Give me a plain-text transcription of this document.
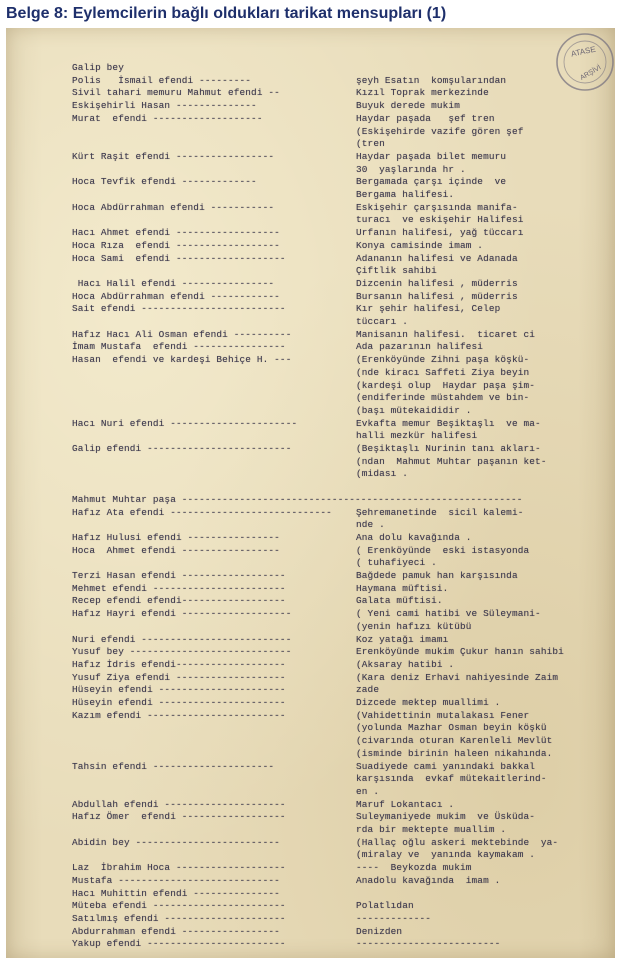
Belge 8: Eylemcilerin bağlı oldukları tarikat mensupları (1)
ATASE
ARŞİVİ
Galip bey
Polis   İsmail efendi ---------	şeyh Esatın  komşularından
Sivil tahari memuru Mahmut efendi --	Kızıl Toprak merkezinde
Eskişehirli Hasan --------------	Buyuk derede mukim
Murat  efendi -------------------	Haydar paşada   şef tren
(Eskişehirde vazife gören şef
(tren
Kürt Raşit efendi -----------------	Haydar paşada bilet memuru
30  yaşlarında hr .
Hoca Tevfik efendi -------------	Bergamada çarşı içinde  ve
Bergama halifesi.
Hoca Abdürrahman efendi -----------	Eskişehir çarşısında manifa-
turacı  ve eskişehir Halifesi
Hacı Ahmet efendi ------------------	Urfanın halifesi, yağ tüccarı
Hoca Rıza  efendi ------------------	Konya camisinde imam .
Hoca Sami  efendi -------------------	Adananın halifesi ve Adanada
Çiftlik sahibi
Hacı Halil efendi ----------------	Dizcenin halifesi , müderris
Hoca Abdürrahman efendi ------------	Bursanın halifesi , müderris
Sait efendi -------------------------	Kır şehir halifesi, Celep
tüccarı .
Hafız Hacı Ali Osman efendi ----------	Manisanın halifesi.  ticaret ci
İmam Mustafa  efendi ----------------	Ada pazarının halifesi
Hasan  efendi ve kardeşi Behiçe H. ---	(Erenköyünde Zihni paşa köşkü-
(nde kiracı Saffeti Ziya beyin
(kardeşi olup  Haydar paşa şim-
(endiferinde müstahdem ve bin-
(başı mütekaididir .
Hacı Nuri efendi ----------------------	Evkafta memur Beşiktaşlı  ve ma-
halli mezkür halifesi
Galip efendi -------------------------	(Beşiktaşlı Nurinin tanı akları-
(ndan  Mahmut Muhtar paşanın ket-
(midası .
Mahmut Muhtar paşa -----------------------------------------------------------
Hafız Ata efendi ----------------------------	Şehremanetinde  sicil kalemi-
nde .
Hafız Hulusi efendi ----------------	Ana dolu kavağında .
Hoca  Ahmet efendi -----------------	( Erenköyünde  eski istasyonda
( tuhafiyeci .
Terzi Hasan efendi ------------------	Bağdede pamuk han karşısında
Mehmet efendi -----------------------	Haymana müftisi.
Recep efendi efendi------------------	Galata müftisi.
Hafız Hayri efendi -------------------	( Yeni cami hatibi ve Süleymani-
(yenin hafızı kütübü
Nuri efendi --------------------------	Koz yatağı imamı
Yusuf bey ----------------------------	Erenköyünde mukim Çukur hanın sahibi
Hafız İdris efendi-------------------	(Aksaray hatibi .
Yusuf Ziya efendi -------------------	(Kara deniz Erhavi nahiyesinde Zaim
Hüseyin efendi ----------------------	zade
Hüseyin efendi ----------------------	Dizcede mektep muallimi .
Kazım efendi ------------------------	(Vahidettinin mutalakası Fener
(yolunda Mazhar Osman beyin köşkü
(civarında oturan Karenleli Mevlüt
(isminde birinin haleen nikahında.
Tahsin efendi ---------------------	Suadiyede cami yanındaki bakkal
karşısında  evkaf mütekaitlerind-
en .
Abdullah efendi ---------------------	Maruf Lokantacı .
Hafız Ömer  efendi ------------------	Suleymaniyede mukim  ve Üsküda-
rda bir mektepte muallim .
Abidin bey -------------------------	(Hallaç oğlu askeri mektebinde  ya-
(miralay ve  yanında kaymakam .
Laz  İbrahim Hoca -------------------	----  Beykozda mukim
Mustafa ----------------------------	Anadolu kavağında  imam .
Hacı Muhittin efendi ---------------
Müteba efendi -----------------------	Polatlıdan
Satılmış efendi ---------------------	-------------
Abdurrahman efendi -----------------	Denizden
Yakup efendi ------------------------	-------------------------
